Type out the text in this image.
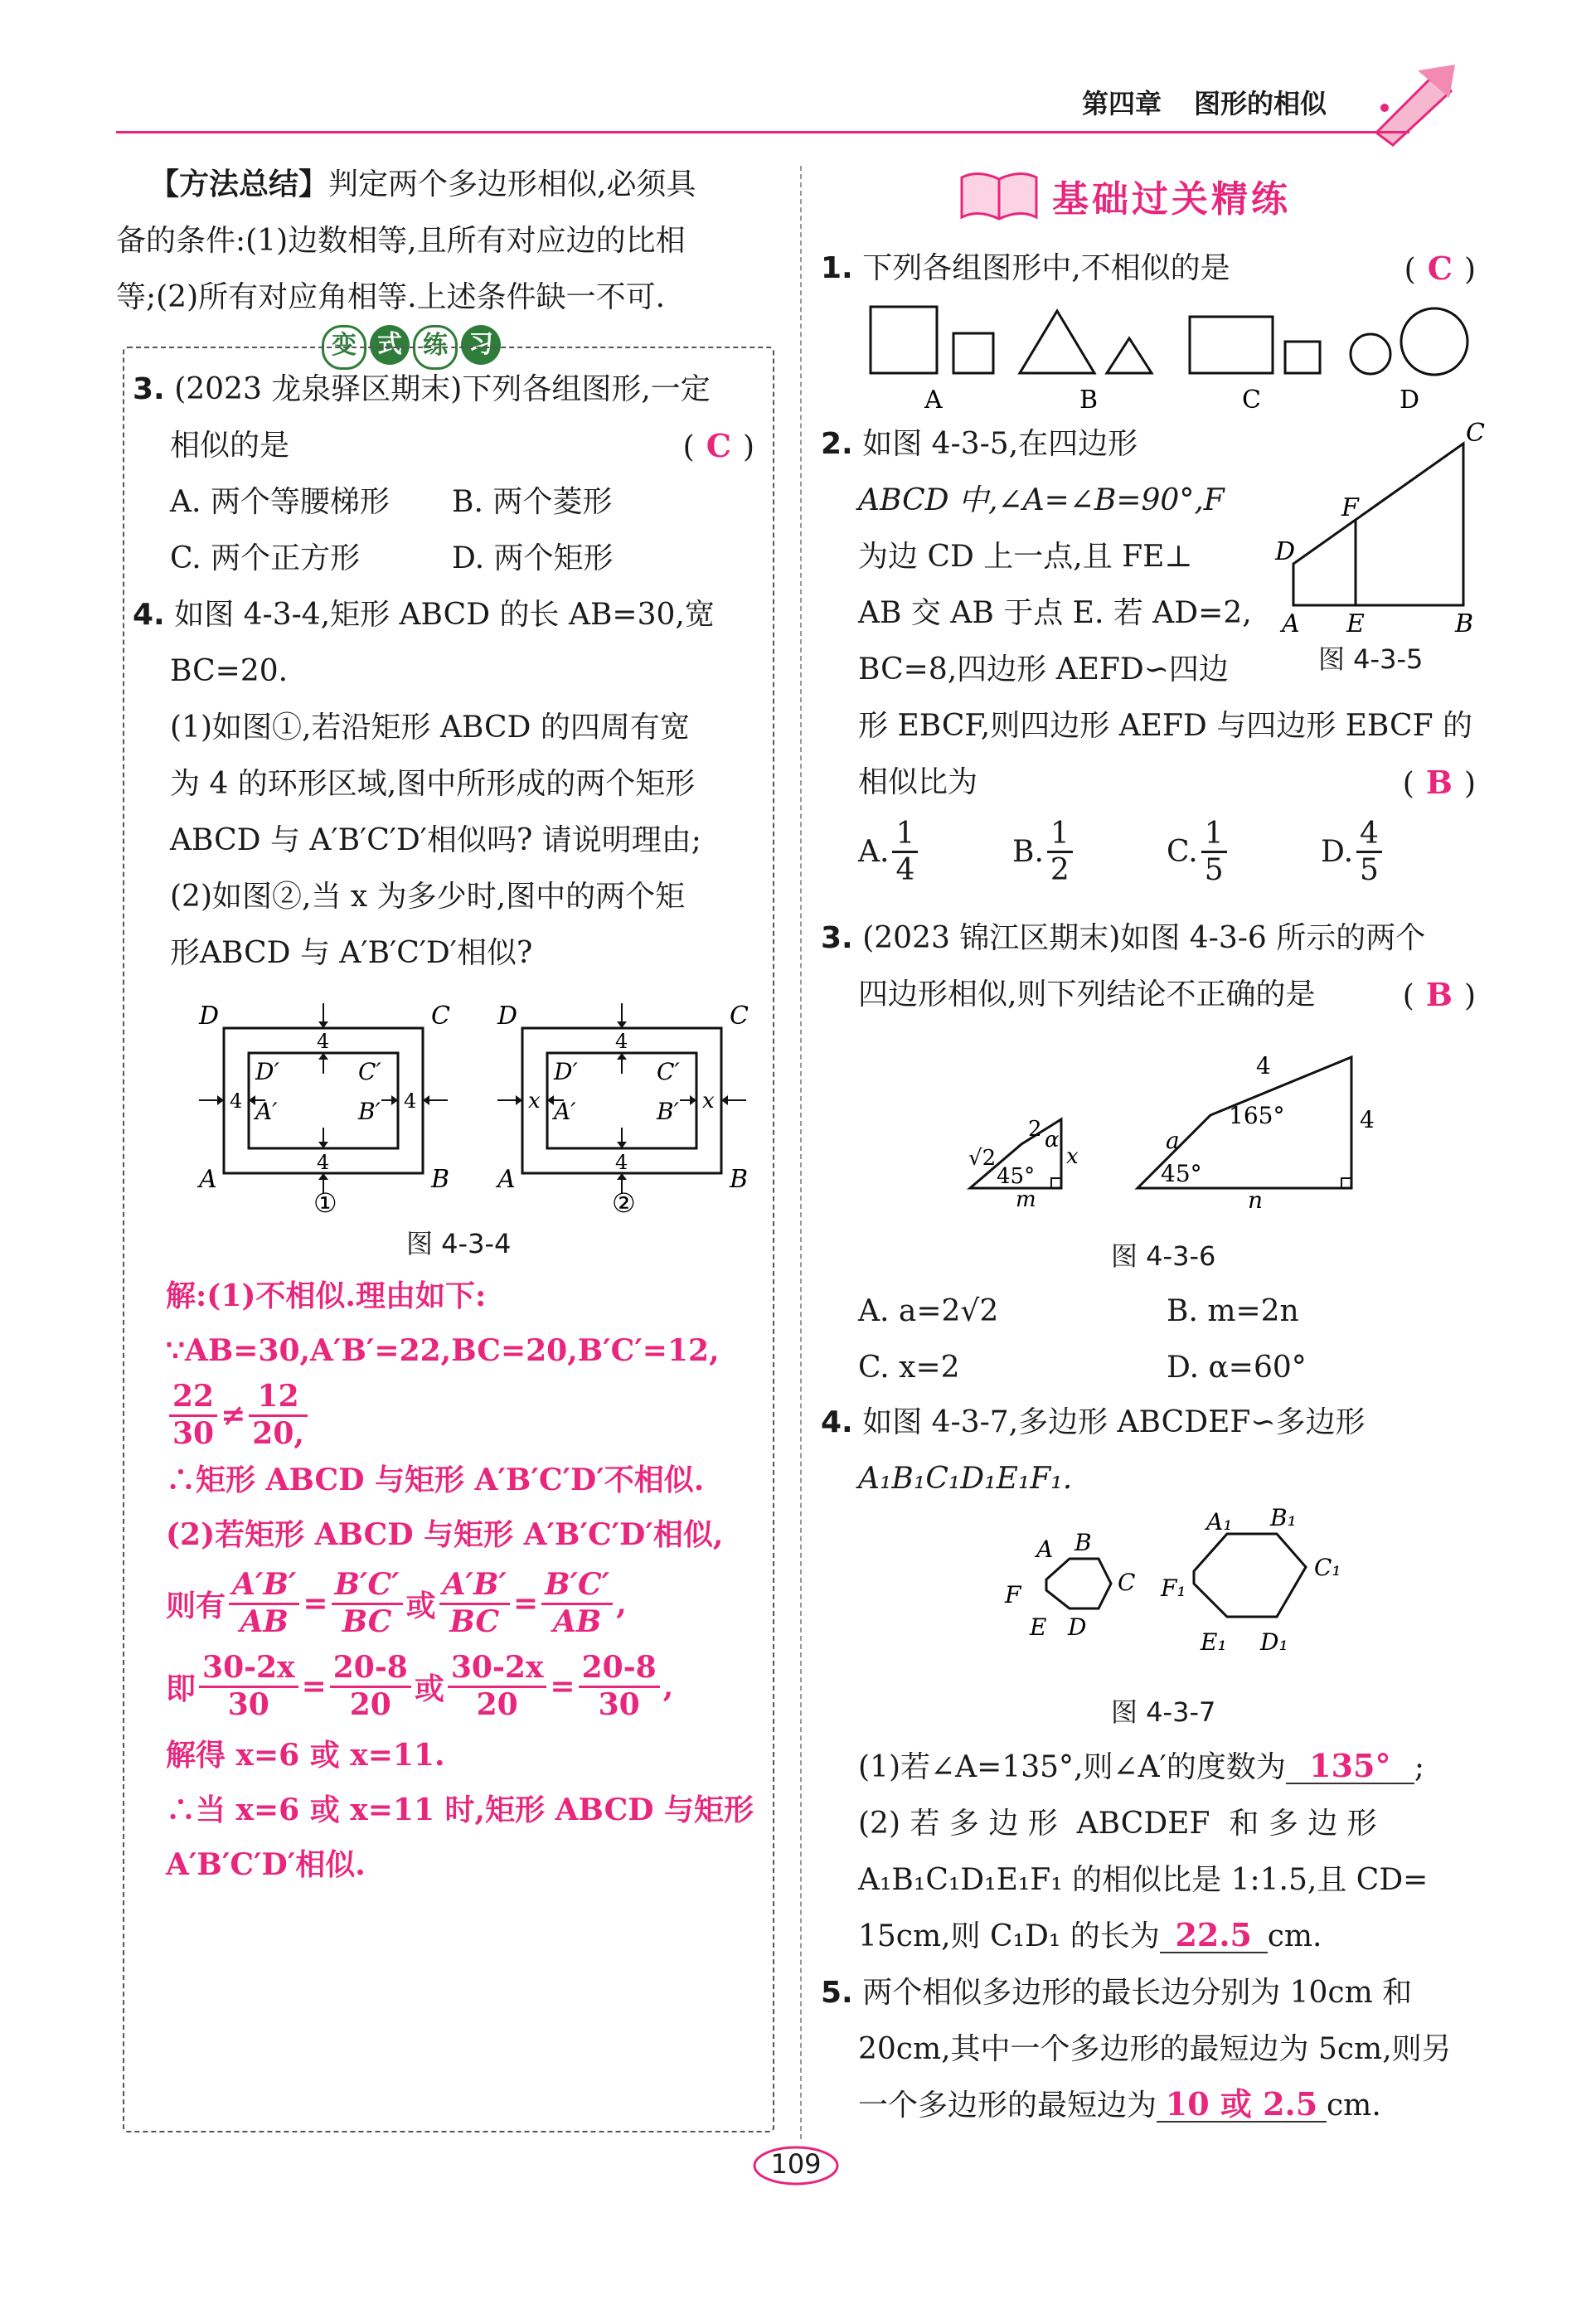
第四章 图形的相似
【方法总结】判定两个多边形相似,必须具
备的条件:(1)边数相等,且所有对应边的比相
等;(2)所有对应角相等.上述条件缺一不可.
变 式 练 习
3. (2023 龙泉驿区期末)下列各组图形,一定
相似的是	( C )
A. 两个等腰梯形 B. 两个菱形
C. 两个正方形	D. 两个矩形
4. 如图 4-3-4,矩形 ABCD 的长 AB=30,宽
BC=20.
(1)如图①,若沿矩形 ABCD 的四周有宽
为 4 的环形区域,图中所形成的两个矩形
ABCD 与 A′B′C′D′相似吗? 请说明理由;
(2)如图②,当 x 为多少时,图中的两个矩
形ABCD 与 A′B′C′D′相似?
D	C
A	B
D′	C′
A′	B′
4
4
4	4
①
D	C
A	B
D′	C′
A′	B′
4
4
x	x
②
图 4-3-4
解:(1)不相似.理由如下:
∵AB=30,A′B′=22,BC=20,B′C′=12,
$\frac{22}{30} \ne \frac{12}{20,}$
∴矩形 ABCD 与矩形 A′B′C′D′不相似.
(2)若矩形 ABCD 与矩形 A′B′C′D′相似,
则有 $\frac{A'B'}{AB} = \frac{B'C'}{BC}$ 或 $\frac{A'B'}{BC} = \frac{B'C'}{AB}$ ,
即 $\frac{30-2x}{30} = \frac{20-8}{20}$ 或 $\frac{30-2x}{20} = \frac{20-8}{30}$ ,
解得 x=6 或 x=11.
∴当 x=6 或 x=11 时,矩形 ABCD 与矩形
A′B′C′D′相似.
基础过关精练
1. 下列各组图形中,不相似的是	( C )
A	B	C	D
2. 如图 4-3-5,在四边形
ABCD 中,∠A=∠B=90°,F
为边 CD 上一点,且 FE⊥
AB 交 AB 于点 E. 若 AD=2,
BC=8,四边形 AEFD∽四边
形 EBCF,则四边形 AEFD 与四边形 EBCF 的
相似比为	( B )
C
F
D
A E	B
图 4-3-5
A. $\frac{1}{4}$	B. $\frac{1}{2}$	C. $\frac{1}{5}$	D. $\frac{4}{5}$
3. (2023 锦江区期末)如图 4-3-6 所示的两个
四边形相似,则下列结论不正确的是	( B )
√2
2 α
x
45°
m
4
165°	4
a
45°
n
图 4-3-6
A. a=2√2	B. m=2n
C. x=2	D. α=60°
4. 如图 4-3-7,多边形 ABCDEF∽多边形
A₁B₁C₁D₁E₁F₁.
A B
C
D
E
F
A₁ B₁
C₁
D₁
E₁
F₁
图 4-3-7
(1)若∠A=135°,则∠A′的度数为 135° ;
(2) 若 多 边 形  ABCDEF  和 多 边 形
A₁B₁C₁D₁E₁F₁ 的相似比是 1:1.5,且 CD=
15cm,则 C₁D₁ 的长为 22.5 cm.
5. 两个相似多边形的最长边分别为 10cm 和
20cm,其中一个多边形的最短边为 5cm,则另
一个多边形的最短边为 10 或 2.5 cm.
109
